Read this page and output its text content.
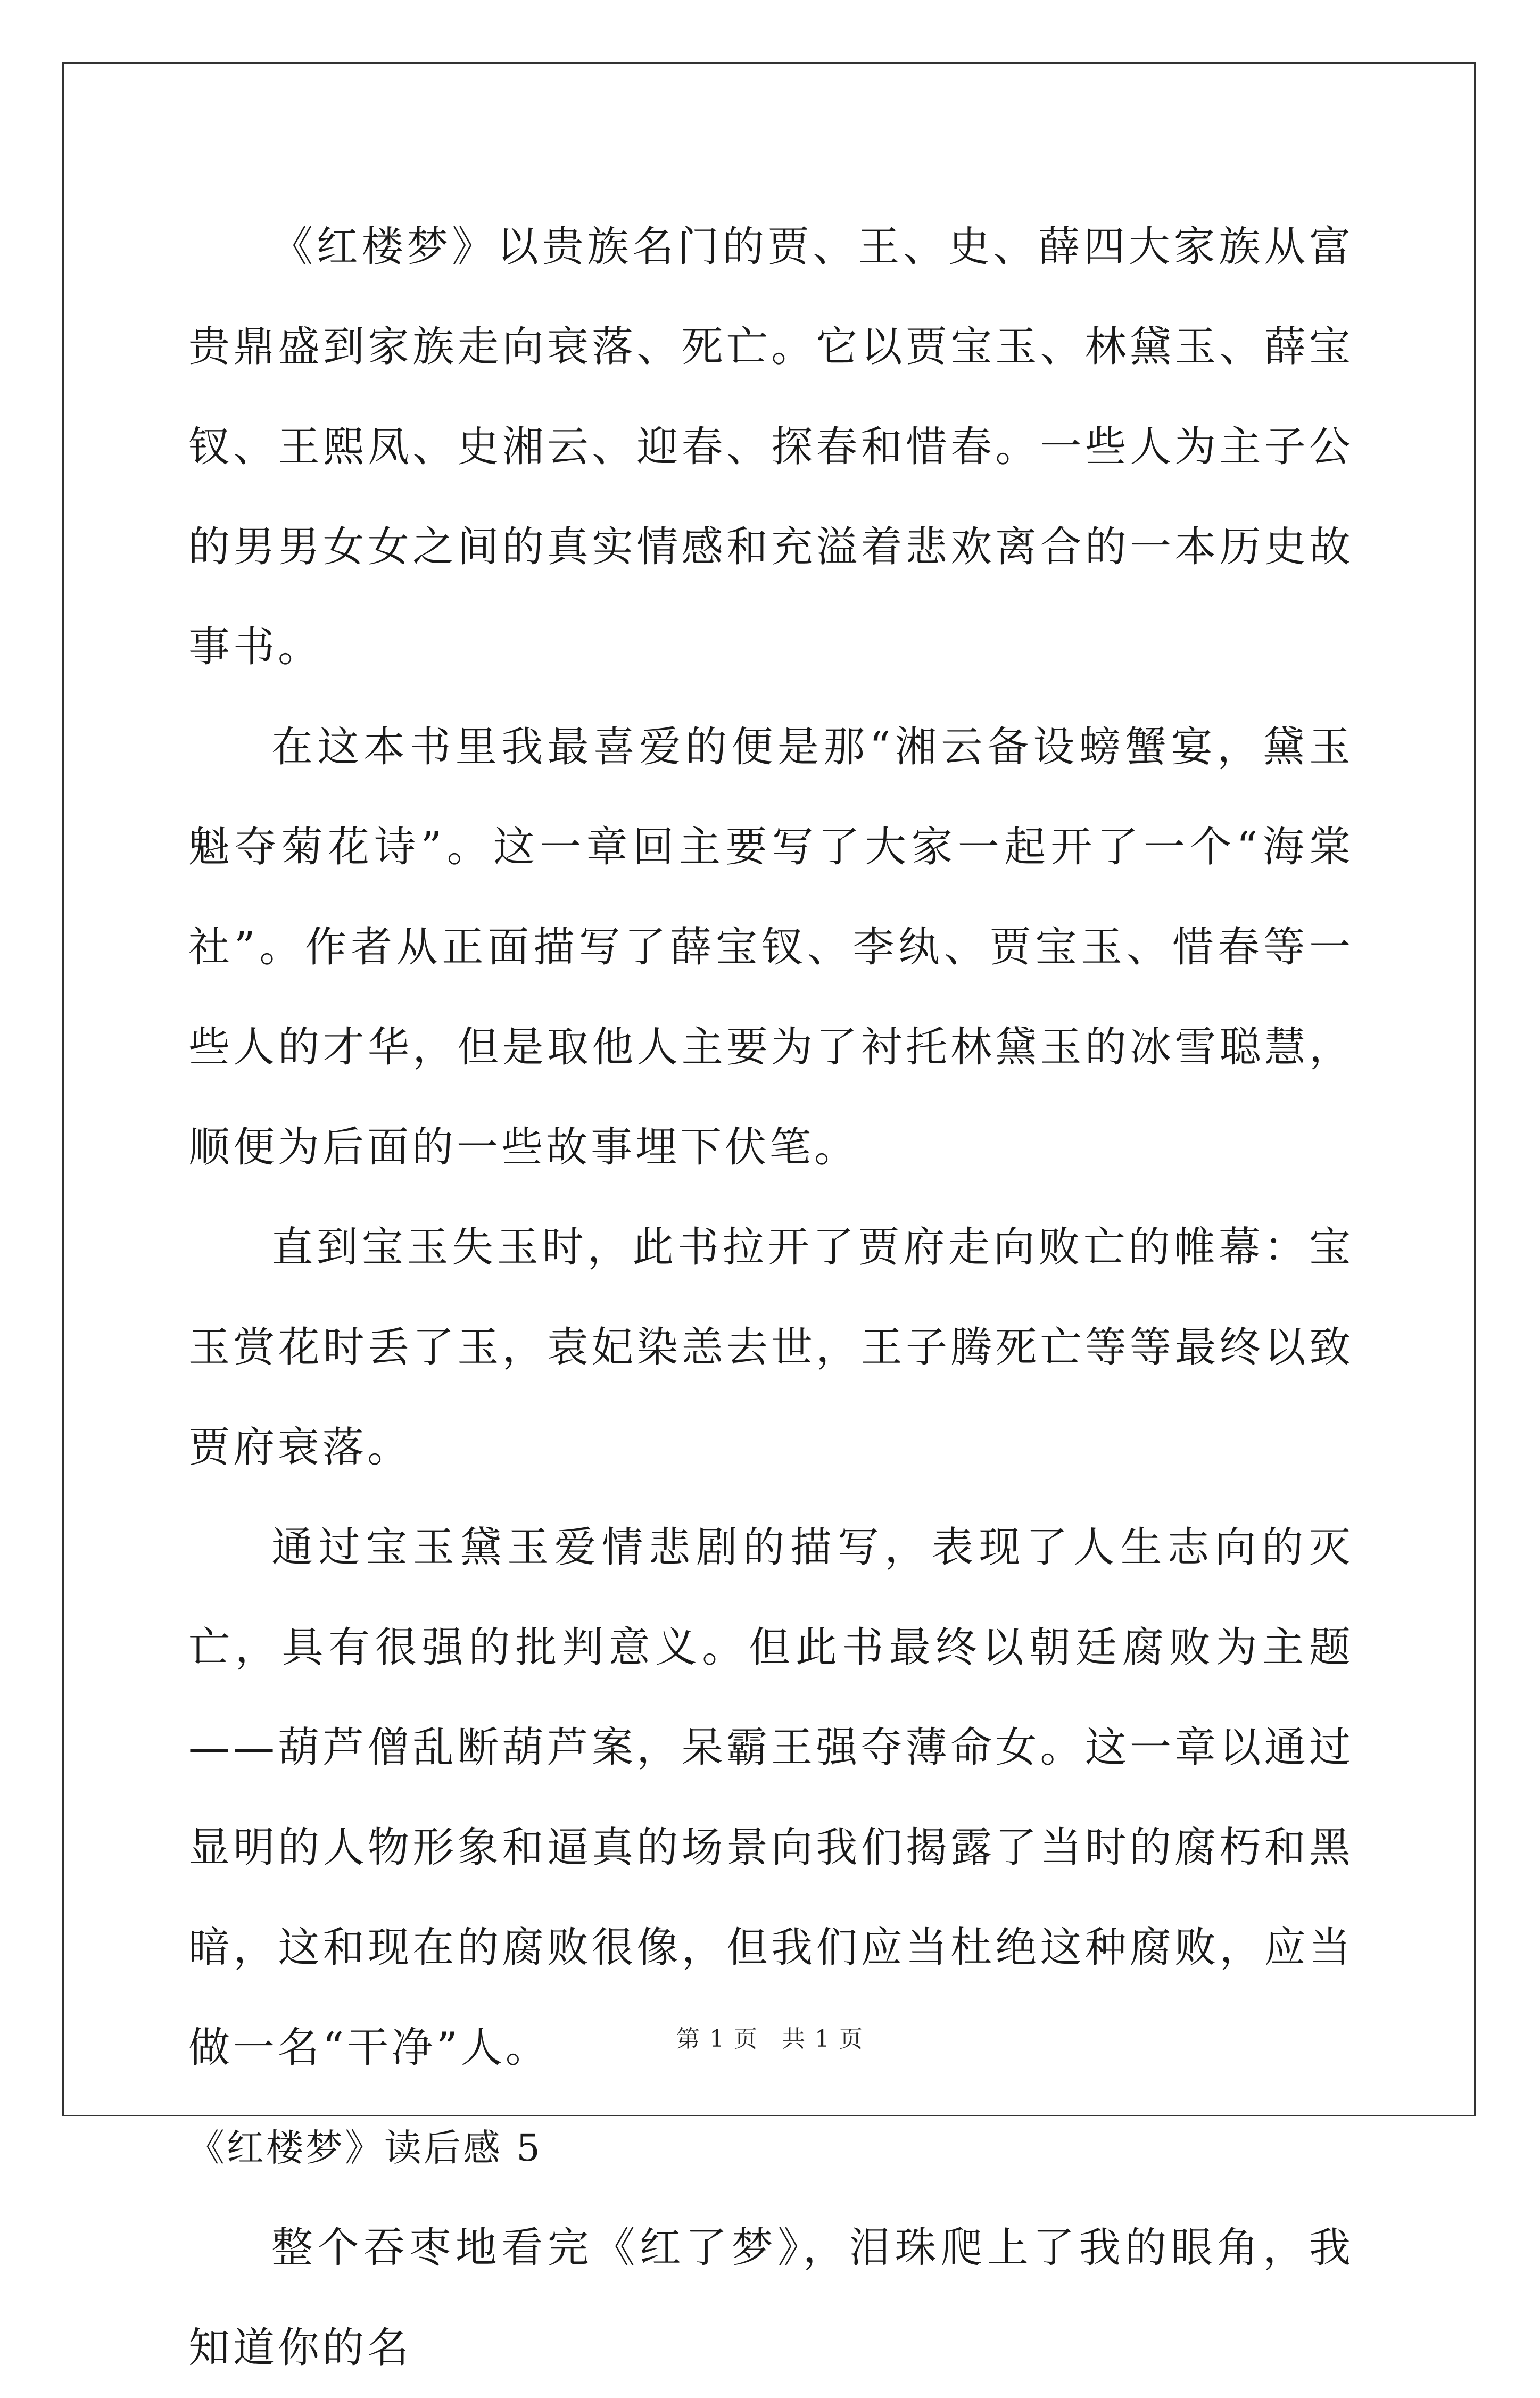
《红楼梦》以贵族名门的贾、王、史、薛四大家族从富贵鼎盛到家族走向衰落、死亡。它以贾宝玉、林黛玉、薛宝钗、王熙凤、史湘云、迎春、探春和惜春。一些人为主子公的男男女女之间的真实情感和充溢着悲欢离合的一本历史故事书。

在这本书里我最喜爱的便是那“湘云备设螃蟹宴，黛玉魁夺菊花诗”。这一章回主要写了大家一起开了一个“海棠社”。作者从正面描写了薛宝钗、李纨、贾宝玉、惜春等一些人的才华，但是取他人主要为了衬托林黛玉的冰雪聪慧，顺便为后面的一些故事埋下伏笔。

直到宝玉失玉时，此书拉开了贾府走向败亡的帷幕：宝玉赏花时丢了玉，袁妃染恙去世，王子腾死亡等等最终以致贾府衰落。

通过宝玉黛玉爱情悲剧的描写，表现了人生志向的灭亡，具有很强的批判意义。但此书最终以朝廷腐败为主题——葫芦僧乱断葫芦案，呆霸王强夺薄命女。这一章以通过显明的人物形象和逼真的场景向我们揭露了当时的腐朽和黑暗，这和现在的腐败很像，但我们应当杜绝这种腐败，应当做一名“干净”人。

《红楼梦》读后感 5

整个吞枣地看完《红了梦》，泪珠爬上了我的眼角，我知道你的名

第 1 页 共 1 页
